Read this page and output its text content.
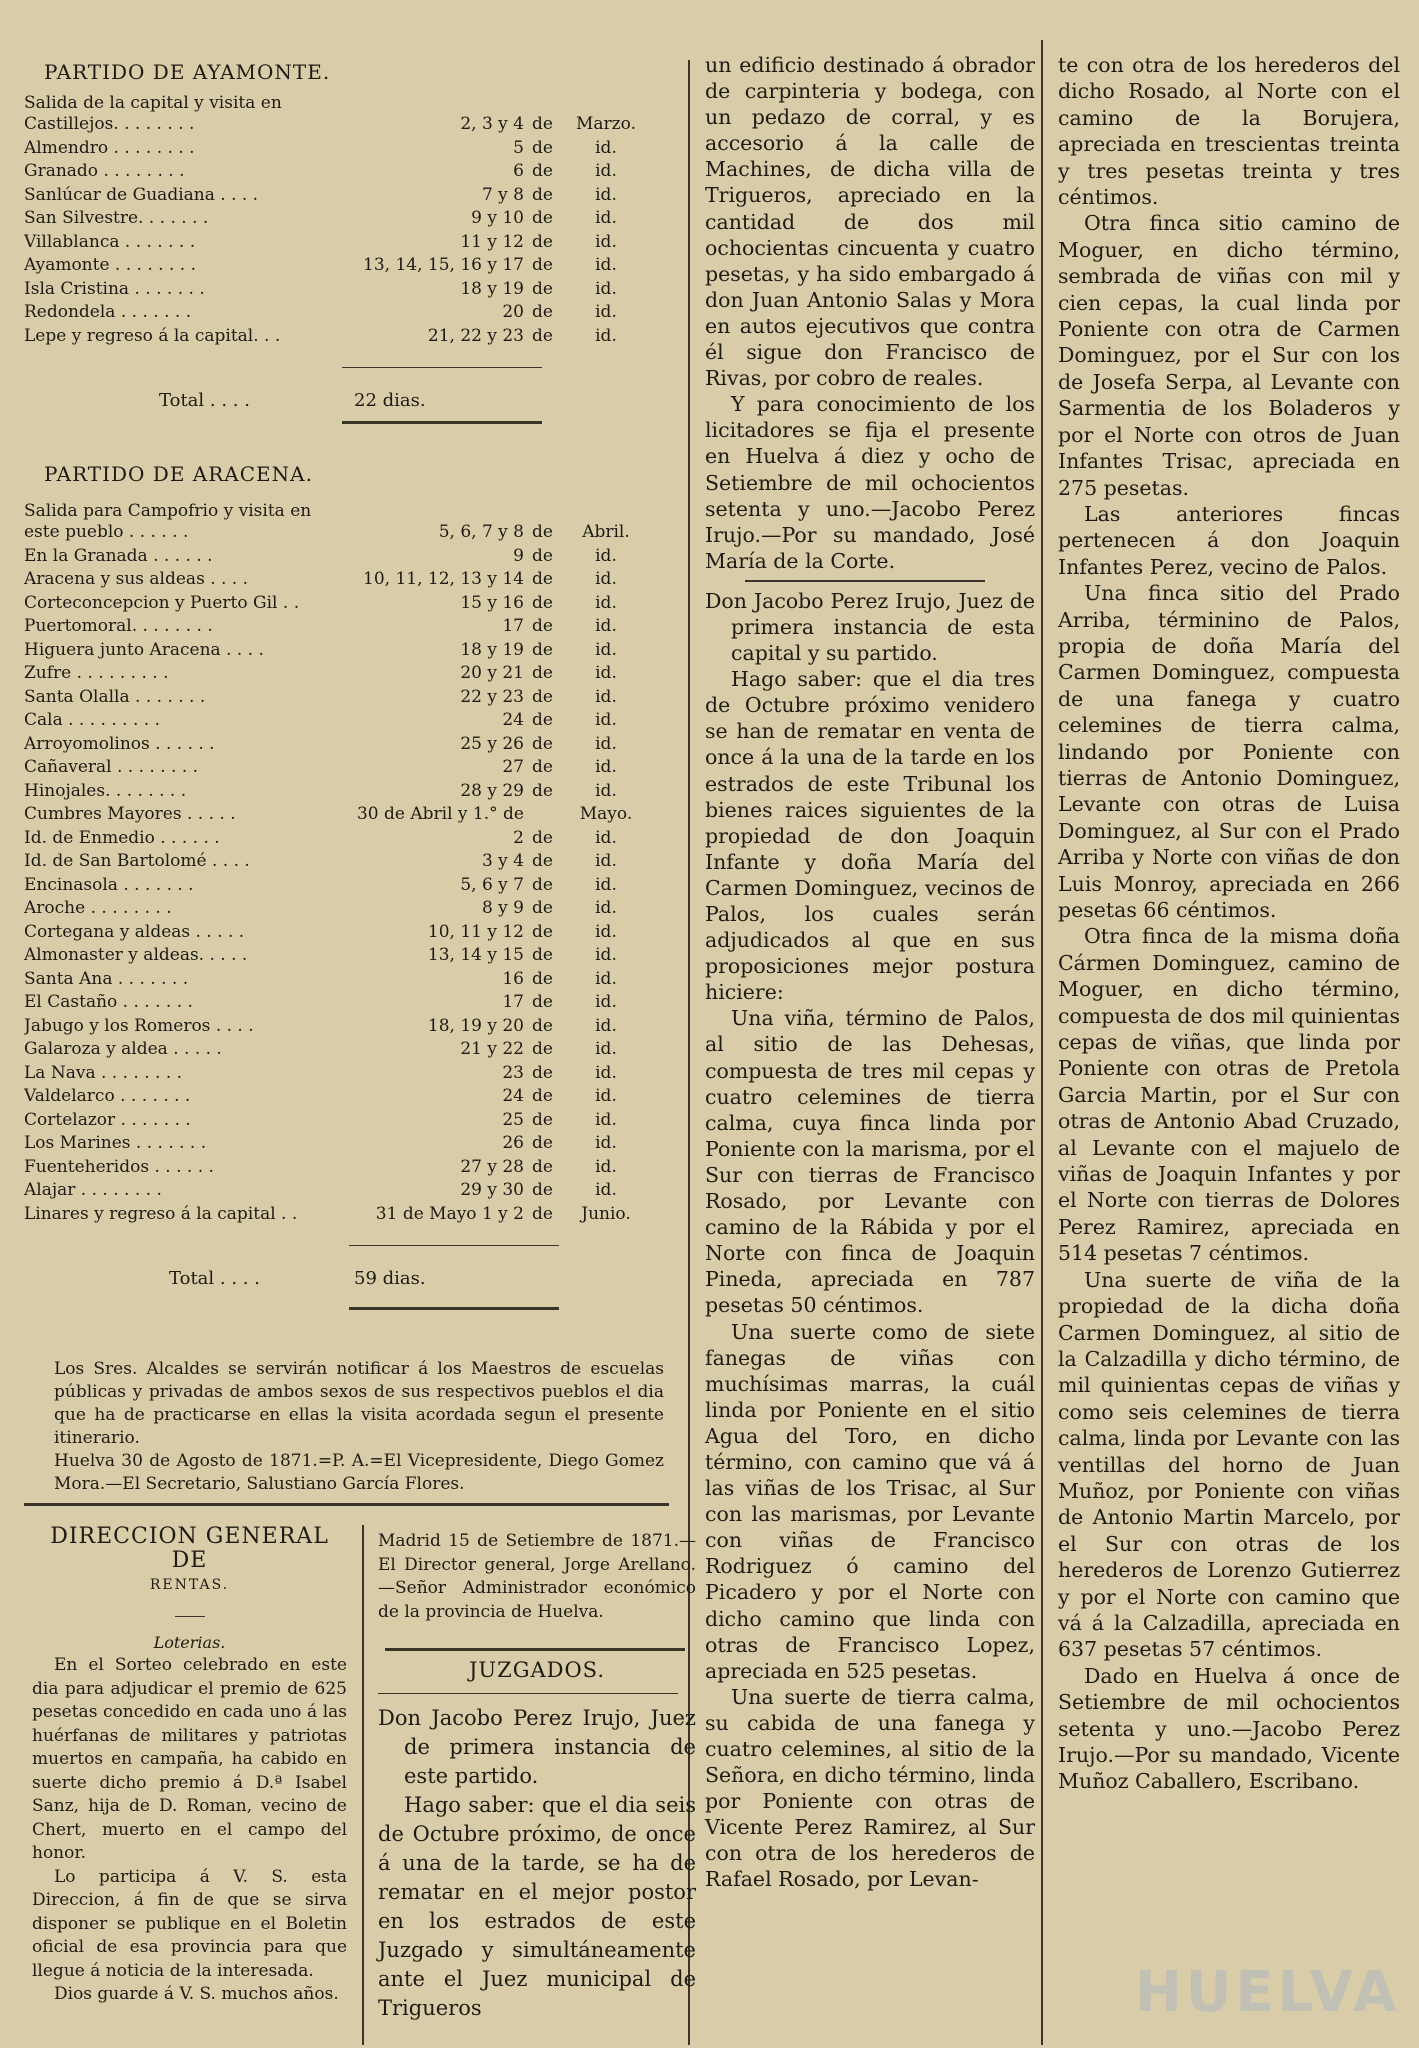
PARTIDO DE AYAMONTE.
Salida de la capital y visita en
Castillejos. . . . . . . .	2, 3 y 4 de	Marzo.
Almendro . . . . . . . .	5 de	id.
Granado . . . . . . . .	6 de	id.
Sanlúcar de Guadiana . . . .	7 y 8 de	id.
San Silvestre. . . . . . .	9 y 10 de	id.
Villablanca . . . . . . .	11 y 12 de	id.
Ayamonte . . . . . . . .	13, 14, 15, 16 y 17 de	id.
Isla Cristina . . . . . . .	18 y 19 de	id.
Redondela . . . . . . .	20 de	id.
Lepe y regreso á la capital. . .	21, 22 y 23 de	id.
Total . . . .	22 dias.
PARTIDO DE ARACENA.
Salida para Campofrio y visita en
este pueblo . . . . . .	5, 6, 7 y 8 de	Abril.
En la Granada . . . . . .	9 de	id.
Aracena y sus aldeas . . . .	10, 11, 12, 13 y 14 de	id.
Corteconcepcion y Puerto Gil . .	15 y 16 de	id.
Puertomoral. . . . . . . .	17 de	id.
Higuera junto Aracena . . . .	18 y 19 de	id.
Zufre . . . . . . . . .	20 y 21 de	id.
Santa Olalla . . . . . . .	22 y 23 de	id.
Cala . . . . . . . . .	24 de	id.
Arroyomolinos . . . . . .	25 y 26 de	id.
Cañaveral . . . . . . . .	27 de	id.
Hinojales. . . . . . . .	28 y 29 de	id.
Cumbres Mayores . . . . .	30 de Abril y 1.° de	Mayo.
Id. de Enmedio . . . . . .	2 de	id.
Id. de San Bartolomé . . . .	3 y 4 de	id.
Encinasola . . . . . . .	5, 6 y 7 de	id.
Aroche . . . . . . . .	8 y 9 de	id.
Cortegana y aldeas . . . . .	10, 11 y 12 de	id.
Almonaster y aldeas. . . . .	13, 14 y 15 de	id.
Santa Ana . . . . . . .	16 de	id.
El Castaño . . . . . . .	17 de	id.
Jabugo y los Romeros . . . .	18, 19 y 20 de	id.
Galaroza y aldea . . . . .	21 y 22 de	id.
La Nava . . . . . . . .	23 de	id.
Valdelarco . . . . . . .	24 de	id.
Cortelazor . . . . . . .	25 de	id.
Los Marines . . . . . . .	26 de	id.
Fuenteheridos . . . . . .	27 y 28 de	id.
Alajar . . . . . . . .	29 y 30 de	id.
Linares y regreso á la capital . .	31 de Mayo 1 y 2 de	Junio.
Total . . . .	59 dias.

Los Sres. Alcaldes se servirán notificar á los Maestros de escuelas públicas y privadas de ambos sexos de sus respectivos pueblos el dia que ha de practicarse en ellas la visita acordada segun el presente itinerario.

Huelva 30 de Agosto de 1871.=P. A.=El Vicepresidente, Diego Gomez Mora.—El Secretario, Salustiano García Flores.

DIRECCION GENERAL DE
RENTAS.
Loterias.

En el Sorteo celebrado en este dia para adjudicar el premio de 625 pesetas concedido en cada uno á las huérfanas de militares y patriotas muertos en campaña, ha cabido en suerte dicho premio á D.ª Isabel Sanz, hija de D. Roman, vecino de Chert, muerto en el campo del honor.

Lo participa á V. S. esta Direccion, á fin de que se sirva disponer se publique en el Boletin oficial de esa provincia para que llegue á noticia de la interesada.

Dios guarde á V. S. muchos años.

Madrid 15 de Setiembre de 1871.—El Director general, Jorge Arellano.—Señor Administrador económico de la provincia de Huelva.

JUZGADOS.

Don Jacobo Perez Irujo, Juez de primera instancia de este partido.

Hago saber: que el dia seis de Octubre próximo, de once á una de la tarde, se ha de rematar en el mejor postor en los estrados de este Juzgado y simultáneamente ante el Juez municipal de Trigueros

un edificio destinado á obrador de carpinteria y bodega, con un pedazo de corral, y es accesorio á la calle de Machines, de dicha villa de Trigueros, apreciado en la cantidad de dos mil ochocientas cincuenta y cuatro pesetas, y ha sido embargado á don Juan Antonio Salas y Mora en autos ejecutivos que contra él sigue don Francisco de Rivas, por cobro de reales.

Y para conocimiento de los licitadores se fija el presente en Huelva á diez y ocho de Setiembre de mil ochocientos setenta y uno.—Jacobo Perez Irujo.—Por su mandado, José María de la Corte.

Don Jacobo Perez Irujo, Juez de primera instancia de esta capital y su partido.

Hago saber: que el dia tres de Octubre próximo venidero se han de rematar en venta de once á la una de la tarde en los estrados de este Tribunal los bienes raices siguientes de la propiedad de don Joaquin Infante y doña María del Carmen Dominguez, vecinos de Palos, los cuales serán adjudicados al que en sus proposiciones mejor postura hiciere:

Una viña, término de Palos, al sitio de las Dehesas, compuesta de tres mil cepas y cuatro celemines de tierra calma, cuya finca linda por Poniente con la marisma, por el Sur con tierras de Francisco Rosado, por Levante con camino de la Rábida y por el Norte con finca de Joaquin Pineda, apreciada en 787 pesetas 50 céntimos.

Una suerte como de siete fanegas de viñas con muchísimas marras, la cuál linda por Poniente en el sitio Agua del Toro, en dicho término, con camino que vá á las viñas de los Trisac, al Sur con las marismas, por Levante con viñas de Francisco Rodriguez ó camino del Picadero y por el Norte con dicho camino que linda con otras de Francisco Lopez, apreciada en 525 pesetas.

Una suerte de tierra calma, su cabida de una fanega y cuatro celemines, al sitio de la Señora, en dicho término, linda por Poniente con otras de Vicente Perez Ramirez, al Sur con otra de los herederos de Rafael Rosado, por Levan-

te con otra de los herederos del dicho Rosado, al Norte con el camino de la Borujera, apreciada en trescientas treinta y tres pesetas treinta y tres céntimos.

Otra finca sitio camino de Moguer, en dicho término, sembrada de viñas con mil y cien cepas, la cual linda por Poniente con otra de Carmen Dominguez, por el Sur con los de Josefa Serpa, al Levante con Sarmentia de los Boladeros y por el Norte con otros de Juan Infantes Trisac, apreciada en 275 pesetas.

Las anteriores fincas pertenecen á don Joaquin Infantes Perez, vecino de Palos.

Una finca sitio del Prado Arriba, términino de Palos, propia de doña María del Carmen Dominguez, compuesta de una fanega y cuatro celemines de tierra calma, lindando por Poniente con tierras de Antonio Dominguez, Levante con otras de Luisa Dominguez, al Sur con el Prado Arriba y Norte con viñas de don Luis Monroy, apreciada en 266 pesetas 66 céntimos.

Otra finca de la misma doña Cármen Dominguez, camino de Moguer, en dicho término, compuesta de dos mil quinientas cepas de viñas, que linda por Poniente con otras de Pretola Garcia Martin, por el Sur con otras de Antonio Abad Cruzado, al Levante con el majuelo de viñas de Joaquin Infantes y por el Norte con tierras de Dolores Perez Ramirez, apreciada en 514 pesetas 7 céntimos.

Una suerte de viña de la propiedad de la dicha doña Carmen Dominguez, al sitio de la Calzadilla y dicho término, de mil quinientas cepas de viñas y como seis celemines de tierra calma, linda por Levante con las ventillas del horno de Juan Muñoz, por Poniente con viñas de Antonio Martin Marcelo, por el Sur con otras de los herederos de Lorenzo Gutierrez y por el Norte con camino que vá á la Calzadilla, apreciada en 637 pesetas 57 céntimos.

Dado en Huelva á once de Setiembre de mil ochocientos setenta y uno.—Jacobo Perez Irujo.—Por su mandado, Vicente Muñoz Caballero, Escribano.

HUELVA
